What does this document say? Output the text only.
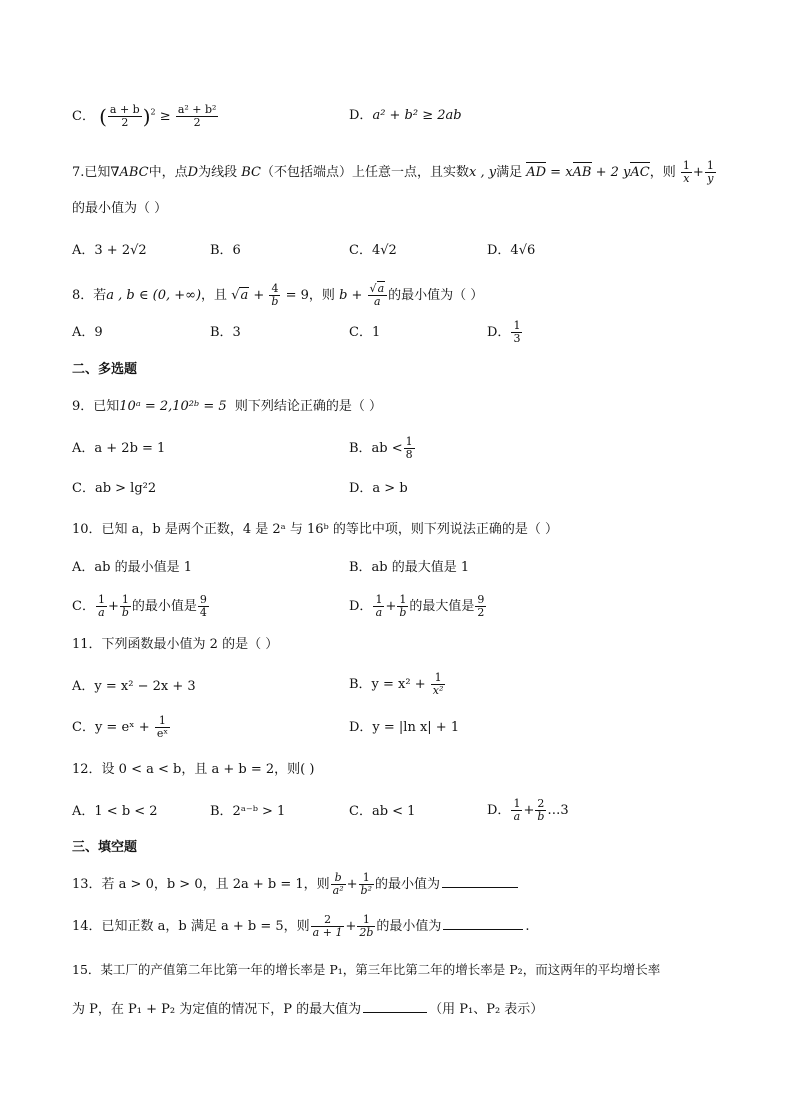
C． ( $\frac{a + b}{2} )^2 \ge \frac{\text{a² + b²}}{2}$	D．a² + b² ≥ 2ab
7.已知∇ABC中，点D为线段 BC（不包括端点）上任意一点，且实数x , y满足 AD = xAB + 2 yAC，则 $\frac{1}{x} + \frac{1}{y}$
的最小值为（ ）
A．3 + 2√2	B．6	C．4√2	D．4√6
8．若a , b ∈ (0, +∞)，且 $√a + \frac{4}{b} = 9$，则 $b + \frac{√a}{a}$ 的最小值为（ ）
A．9	B．3	C．1	D． $\frac{1}{3}$
二、多选题
9．已知10ᵃ = 2,10²ᵇ = 5 则下列结论正确的是（ ）
A．a + 2b = 1	B．ab < $\frac{1}{8}$
C．ab > lg²2	D．a > b
10．已知 a，b 是两个正数，4 是 2ᵃ 与 16ᵇ 的等比中项，则下列说法正确的是（ ）
A．ab 的最小值是 1	B．ab 的最大值是 1
C． $\frac{1}{a} + \frac{1}{b}$ 的最小值是 $\frac{9}{4}$	D． $\frac{1}{a} + \frac{1}{b}$ 的最大值是 $\frac{9}{2}$
11．下列函数最小值为 2 的是（ ）
A．y = x² − 2x + 3	B．$y = x^2 + \frac{1}{\text{x²}}$
C．y = eˣ + $\frac{1}{\text{eˣ}}$	D．y = |ln x| + 1
12．设 0 < a < b，且 a + b = 2，则( )
A．1 < b < 2	B．2ᵃ⁻ᵇ > 1	C．ab < 1	D． $\frac{1}{a} + \frac{2}{b}$ …3
三、填空题
13．若 a > 0，b > 0，且 2a + b = 1，则 $\frac{b}{\text{a²}} + \frac{1}{\text{b²}}$ 的最小值为
14．已知正数 a，b 满足 a + b = 5，则 $\frac{2}{a + 1} + \frac{1}{2b}$ 的最小值为	.
15．某工厂的产值第二年比第一年的增长率是 P₁，第三年比第二年的增长率是 P₂，而这两年的平均增长率
为 P，在 P₁ + P₂ 为定值的情况下，P 的最大值为	（用 P₁、P₂ 表示）
